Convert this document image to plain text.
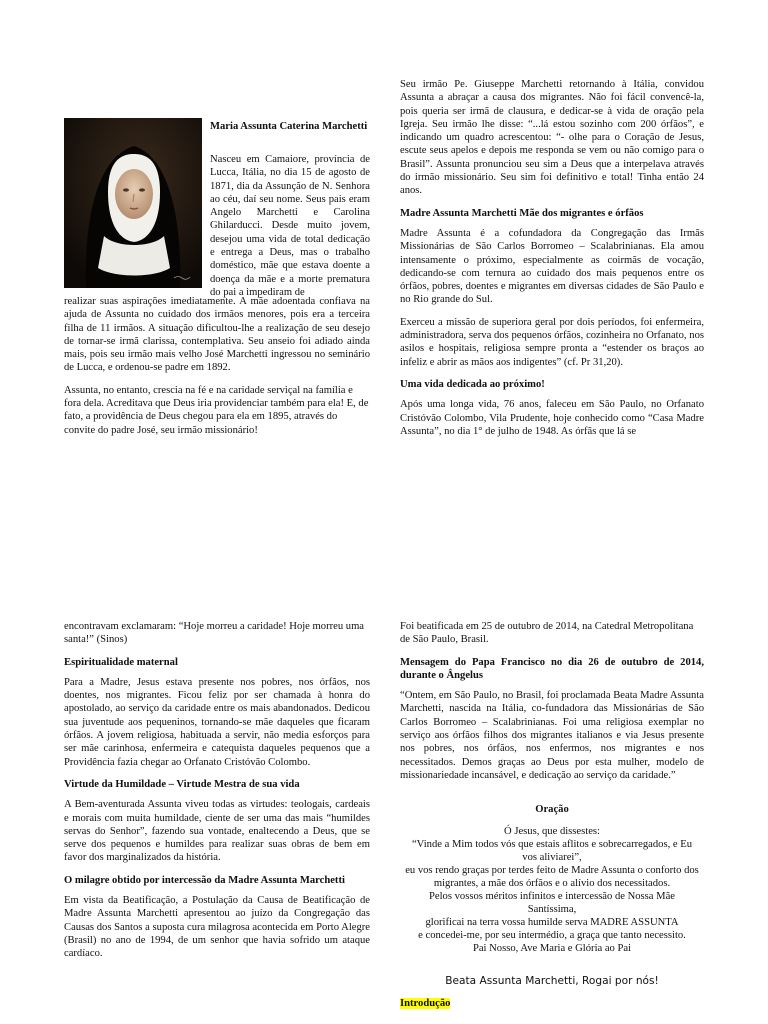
Maria Assunta Caterina Marchetti

Nasceu em Camaiore, província de Lucca, Itália, no dia 15 de agosto de 1871, dia da Assunção de N. Senhora ao céu, daí seu nome. Seus pais eram Angelo Marchetti e Carolina Ghilarducci. Desde muito jovem, desejou uma vida de total dedicação e entrega a Deus, mas o trabalho doméstico, mãe que estava doente a doença da mãe e a morte prematura do pai a impediram de

realizar suas aspirações imediatamente. A mãe adoentada confiava na ajuda de Assunta no cuidado dos irmãos menores, pois era a terceira filha de 11 irmãos. A situação dificultou-lhe a realização de seu desejo de tornar-se irmã clarissa, contemplativa. Seu anseio foi adiado ainda mais, pois seu irmão mais velho José Marchetti ingressou no seminário de Lucca, e ordenou-se padre em 1892.

Assunta, no entanto, crescia na fé e na caridade serviçal na família e fora dela. Acreditava que Deus iria providenciar também para ela! E, de fato, a providência de Deus chegou para ela em 1895, através do convite do padre José, seu irmão missionário!

Seu irmão Pe. Giuseppe Marchetti retornando à Itália, convidou Assunta a abraçar a causa dos migrantes. Não foi fácil convencê-la, pois queria ser irmã de clausura, e dedicar-se à vida de oração pela Igreja. Seu irmão lhe disse: “...lá estou sozinho com 200 órfãos”, e indicando um quadro acrescentou: “- olhe para o Coração de Jesus, escute seus apelos e depois me responda se vem ou não comigo para o Brasil”. Assunta pronunciou seu sim a Deus que a interpelava através do irmão missionário. Seu sim foi definitivo e total! Tinha então 24 anos.

Madre Assunta Marchetti Mãe dos migrantes e órfãos

Madre Assunta é a cofundadora da Congregação das Irmãs Missionárias de São Carlos Borromeo – Scalabrinianas. Ela amou intensamente o próximo, especialmente as coirmãs de vocação, dedicando-se com ternura ao cuidado dos mais pequenos entre os órfãos, pobres, doentes e migrantes em diversas cidades de São Paulo e no Rio grande do Sul.

Exerceu a missão de superiora geral por dois períodos, foi enfermeira, administradora, serva dos pequenos órfãos, cozinheira no Orfanato, nos asilos e hospitais, religiosa sempre pronta a “estender os braços ao infeliz e abrir as mãos aos indigentes” (cf. Pr 31,20).

Uma vida dedicada ao próximo!

Após uma longa vida, 76 anos, faleceu em São Paulo, no Orfanato Cristóvão Colombo, Vila Prudente, hoje conhecido como “Casa Madre Assunta”, no dia 1° de julho de 1948. As órfãs que lá se

encontravam exclamaram: “Hoje morreu a caridade! Hoje morreu uma santa!” (Sinos)

Espiritualidade maternal

Para a Madre, Jesus estava presente nos pobres, nos órfãos, nos doentes, nos migrantes. Ficou feliz por ser chamada à honra do apostolado, ao serviço da caridade entre os mais abandonados. Dedicou sua juventude aos pequeninos, tornando-se mãe daqueles que ficaram órfãos. A jovem religiosa, habituada a servir, não media esforços para ser mãe carinhosa, enfermeira e catequista daqueles pequenos que a Providência fazia chegar ao Orfanato Cristóvão Colombo.

Virtude da Humildade – Virtude Mestra de sua vida

A Bem-aventurada Assunta viveu todas as virtudes: teologais, cardeais e morais com muita humildade, ciente de ser uma das mais “humildes servas do Senhor”, fazendo sua vontade, enaltecendo a Deus, que se serve dos pequenos e humildes para realizar suas obras de bem em favor dos marginalizados da história.

O milagre obtido por intercessão da Madre Assunta Marchetti

Em vista da Beatificação, a Postulação da Causa de Beatificação de Madre Assunta Marchetti apresentou ao juízo da Congregação das Causas dos Santos a suposta cura milagrosa acontecida em Porto Alegre (Brasil) no ano de 1994, de um senhor que havia sofrido um ataque cardíaco.

Foi beatificada em 25 de outubro de 2014, na Catedral Metropolitana de São Paulo, Brasil.

Mensagem do Papa Francisco no dia 26 de outubro de 2014, durante o Ângelus

“Ontem, em São Paulo, no Brasil, foi proclamada Beata Madre Assunta Marchetti, nascida na Itália, co-fundadora das Missionárias de São Carlos Borromeo – Scalabrinianas. Foi uma religiosa exemplar no serviço aos órfãos filhos dos migrantes italianos e via Jesus presente nos pobres, nos órfãos, nos enfermos, nos migrantes e nos necessitados. Demos graças ao Deus por esta mulher, modelo de missionariedade incansável, e dedicação ao serviço da caridade.”

Oração

Ó Jesus, que dissestes:
“Vinde a Mim todos vós que estais aflitos e sobrecarregados, e Eu vos aliviarei”,
eu vos rendo graças por terdes feito de Madre Assunta o conforto dos migrantes, a mãe dos órfãos e o alívio dos necessitados.
Pelos vossos méritos infinitos e intercessão de Nossa Mãe Santíssima,
glorificai na terra vossa humilde serva MADRE ASSUNTA
e concedei-me, por seu intermédio, a graça que tanto necessito.
Pai Nosso, Ave Maria e Glória ao Pai

Beata Assunta Marchetti, Rogai por nós!

Introdução
